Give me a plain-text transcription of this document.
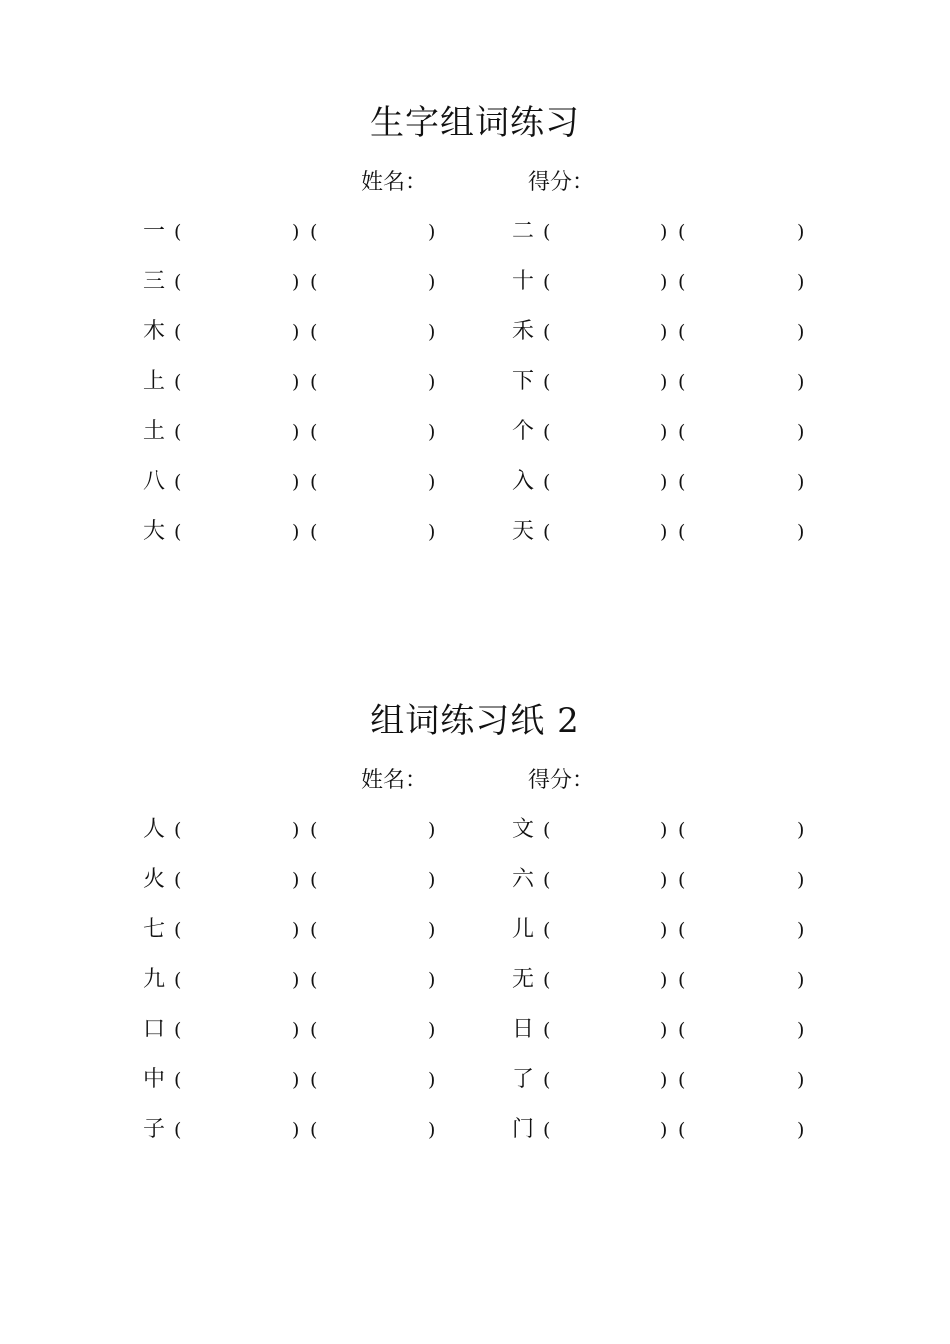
生字组词练习
姓名：	得分：
一 (	) (	)	二 (	) (	)
三 (	) (	)	十 (	) (	)
木 (	) (	)	禾 (	) (	)
上 (	) (	)	下 (	) (	)
土 (	) (	)	个 (	) (	)
八 (	) (	)	入 (	) (	)
大 (	) (	)	天 (	) (	)
组词练习纸 2
姓名：	得分：
人 (	) (	)	文 (	) (	)
火 (	) (	)	六 (	) (	)
七 (	) (	)	儿 (	) (	)
九 (	) (	)	无 (	) (	)
口 (	) (	)	日 (	) (	)
中 (	) (	)	了 (	) (	)
子 (	) (	)	门 (	) (	)
